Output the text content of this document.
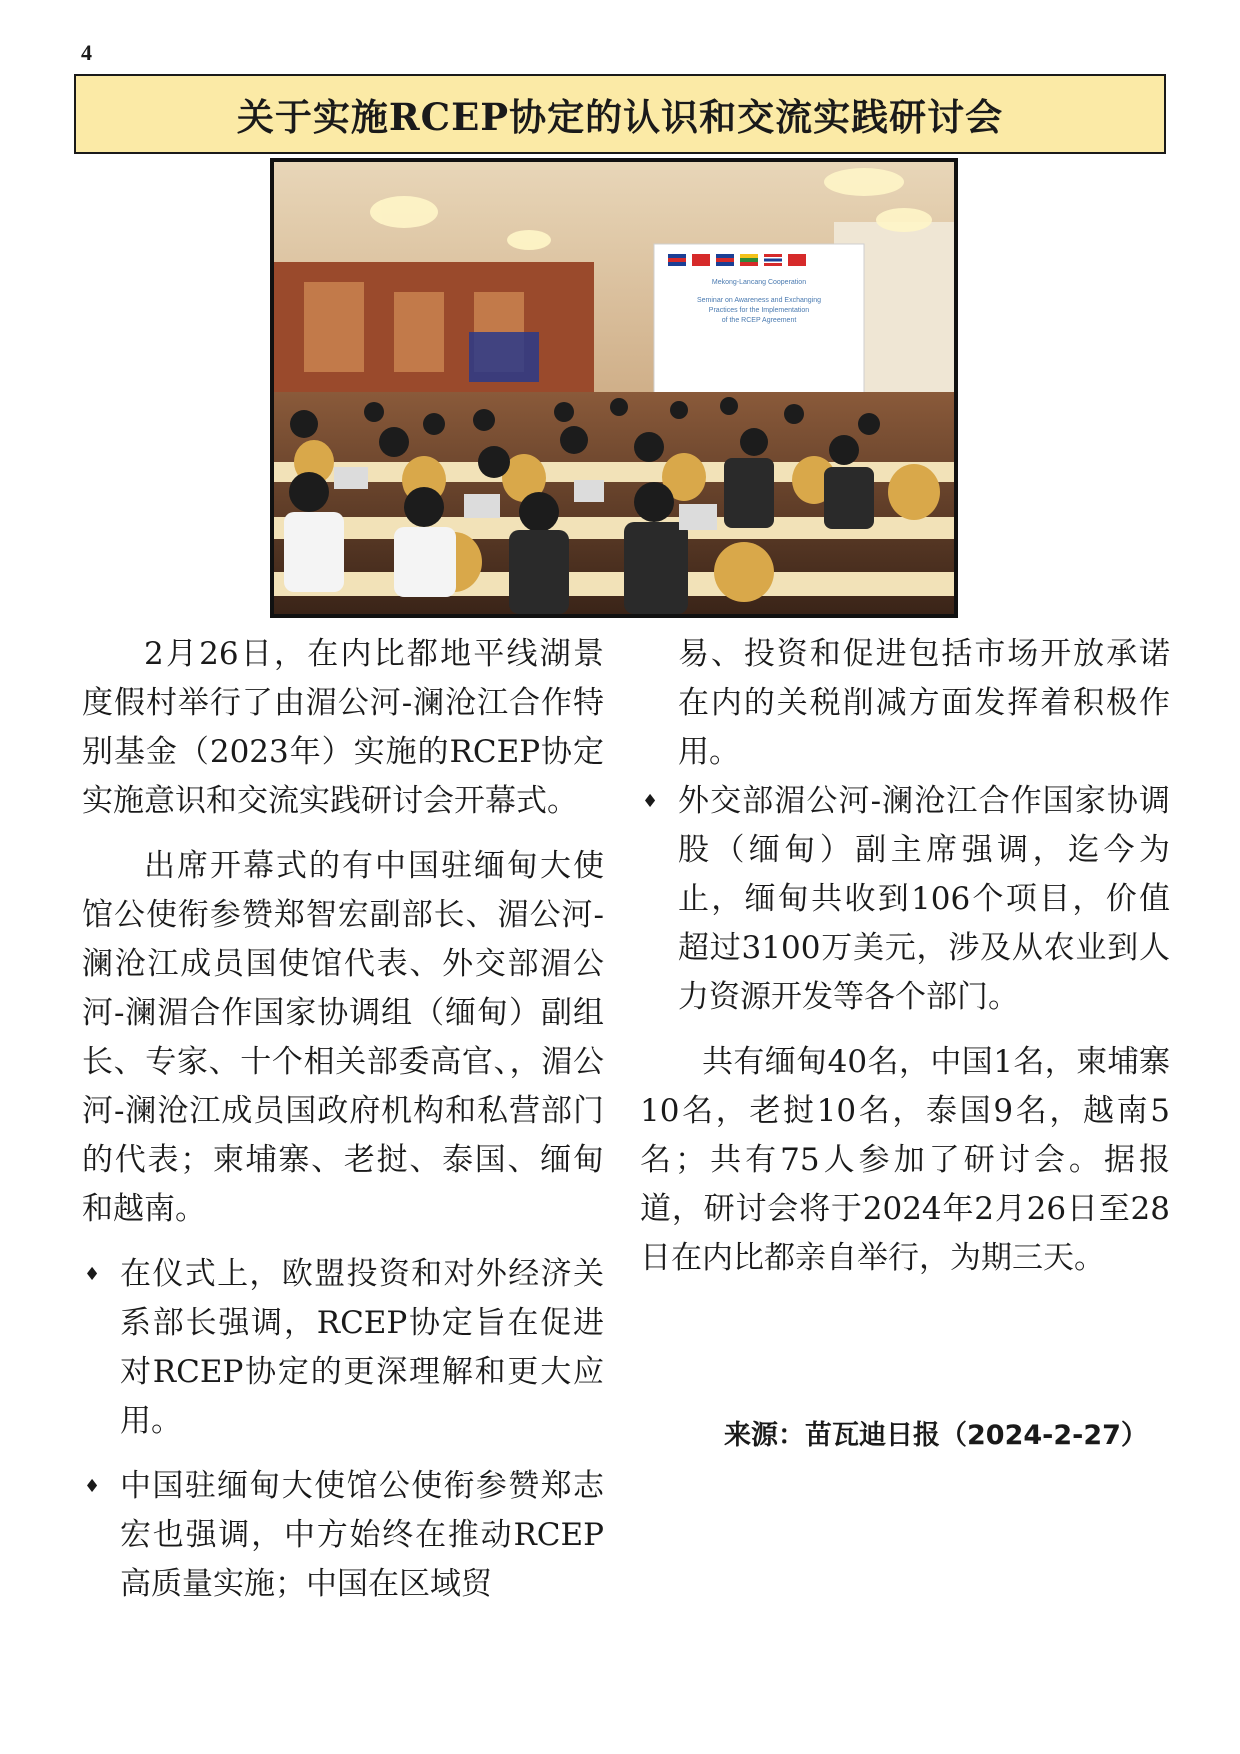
4
关于实施RCEP协定的认识和交流实践研讨会
Mekong-Lancang Cooperation
Seminar on Awareness and Exchanging
Practices for the Implementation
of the RCEP Agreement

2月26日，在内比都地平线湖景度假村举行了由湄公河-澜沧江合作特别基金（2023年）实施的RCEP协定实施意识和交流实践研讨会开幕式。

出席开幕式的有中国驻缅甸大使馆公使衔参赞郑智宏副部长、湄公河-澜沧江成员国使馆代表、外交部湄公河-澜湄合作国家协调组（缅甸）副组长、专家、十个相关部委高官、，湄公河-澜沧江成员国政府机构和私营部门的代表；柬埔寨、老挝、泰国、缅甸和越南。

♦ 在仪式上，欧盟投资和对外经济关系部长强调，RCEP协定旨在促进对RCEP协定的更深理解和更大应用。

♦ 中国驻缅甸大使馆公使衔参赞郑志宏也强调，中方始终在推动RCEP高质量实施；中国在区域贸

易、投资和促进包括市场开放承诺在内的关税削减方面发挥着积极作用。

♦ 外交部湄公河-澜沧江合作国家协调股（缅甸）副主席强调，迄今为止，缅甸共收到106个项目，价值超过3100万美元，涉及从农业到人力资源开发等各个部门。

共有缅甸40名，中国1名，柬埔寨10名，老挝10名，泰国9名，越南5名；共有75人参加了研讨会。据报道，研讨会将于2024年2月26日至28日在内比都亲自举行，为期三天。

来源：苗瓦迪日报（2024-2-27）
